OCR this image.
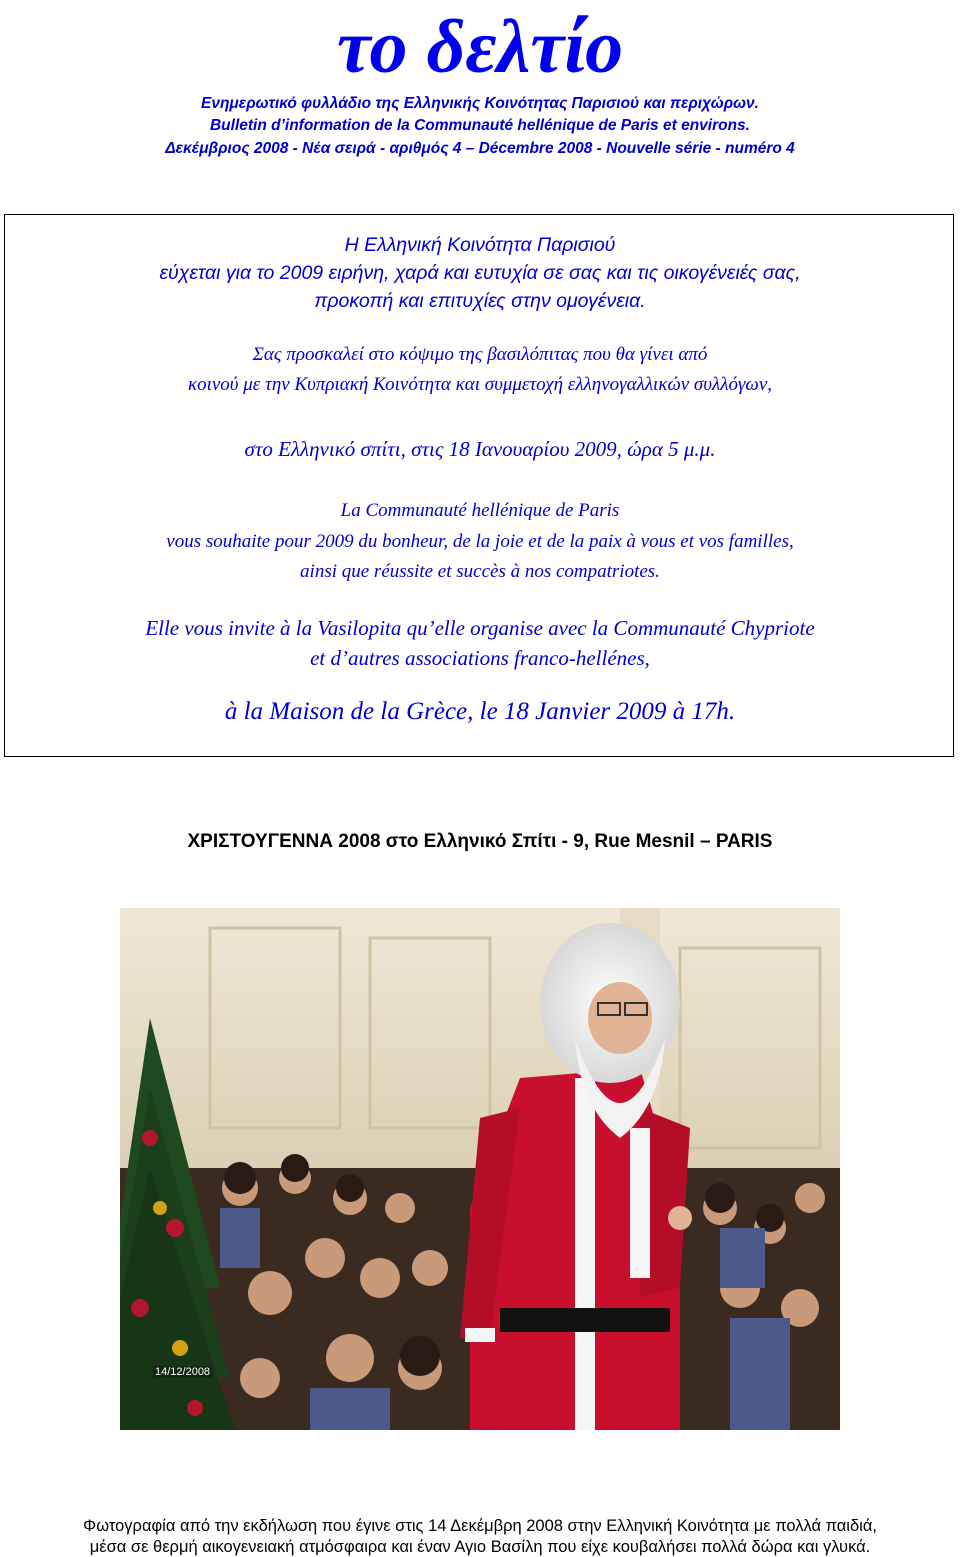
το δελτίο
Ενημερωτικό φυλλάδιο της Ελληνικής Κοινότητας Παρισιού και περιχώρων.
Bulletin d’information de la Communauté hellénique de Paris et environs.
Δεκέμβριος 2008 - Νέα σειρά - αριθμός 4 – Décembre 2008 - Nouvelle série - numéro 4
Η Ελληνική Κοινότητα Παρισιού
εύχεται για το 2009 ειρήνη, χαρά και ευτυχία σε σας και τις οικογένειές σας,
προκοπή και επιτυχίες στην ομογένεια.
Σας προσκαλεί στο κόψιμο της βασιλόπιτας που θα γίνει από
κοινού με την Κυπριακή Κοινότητα και συμμετοχή ελληνογαλλικών συλλόγων,
στο Ελληνικό σπίτι, στις 18 Ιανουαρίου 2009, ώρα 5 μ.μ.
La Communauté hellénique de Paris
vous souhaite pour 2009 du bonheur, de la joie et de la paix à vous et vos familles,
ainsi que réussite et succès à nos compatriotes.
Elle vous invite à la Vasilopita qu’elle organise avec la Communauté Chypriote
et d’autres associations franco-hellénes,
à la Maison de la Grèce, le 18 Janvier 2009 à 17h.
ΧΡΙΣΤΟΥΓΕΝΝΑ 2008 στο Ελληνικό Σπίτι - 9, Rue Mesnil – PARIS
14/12/2008
Φωτογραφία από την εκδήλωση που έγινε στις 14 Δεκέμβρη 2008 στην Ελληνική Κοινότητα με πολλά παιδιά,
μέσα σε θερμή αικογενειακή ατμόσφαιρα και έναν Αγιο Βασίλη που είχε κουβαλήσει πολλά δώρα και γλυκά.
